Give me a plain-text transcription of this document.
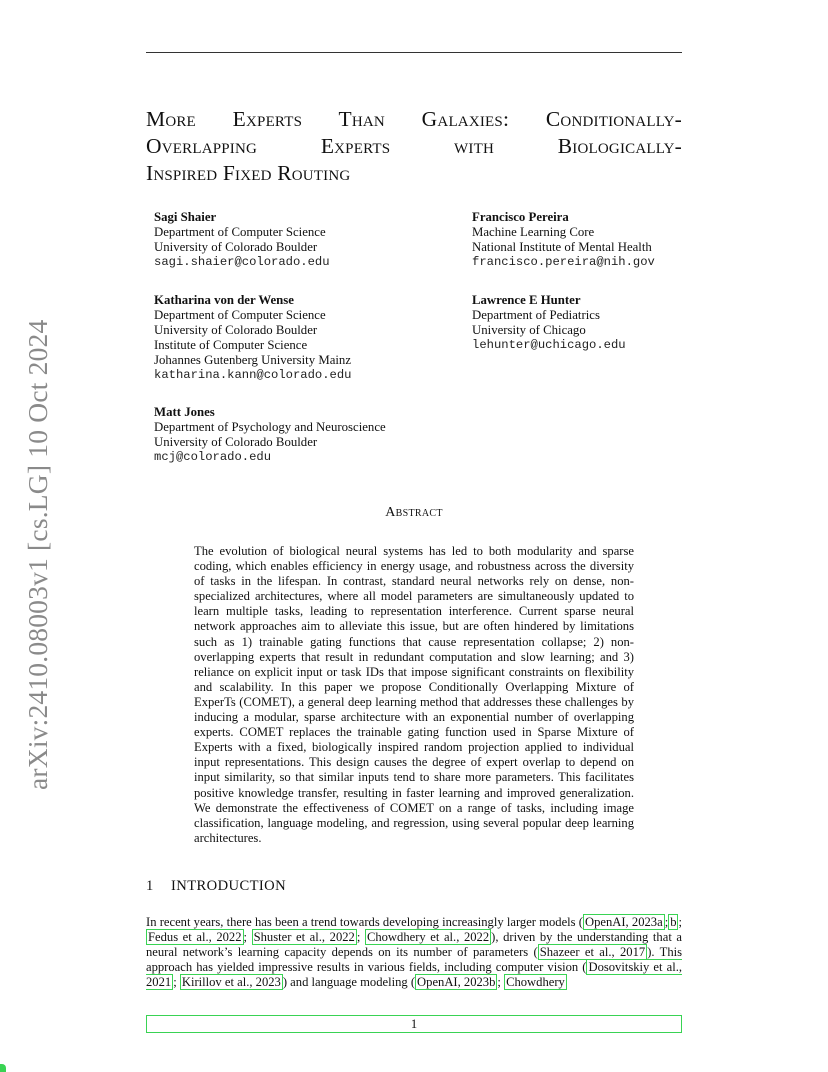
More Experts Than Galaxies: Conditionally-
Overlapping Experts with Biologically-
Inspired Fixed Routing
Sagi Shaier
Department of Computer Science
University of Colorado Boulder
sagi.shaier@colorado.edu
Francisco Pereira
Machine Learning Core
National Institute of Mental Health
francisco.pereira@nih.gov
Katharina von der Wense
Department of Computer Science
University of Colorado Boulder
Institute of Computer Science
Johannes Gutenberg University Mainz
katharina.kann@colorado.edu
Lawrence E Hunter
Department of Pediatrics
University of Chicago
lehunter@uchicago.edu
Matt Jones
Department of Psychology and Neuroscience
University of Colorado Boulder
mcj@colorado.edu
Abstract
The evolution of biological neural systems has led to both modularity and sparse coding, which enables efficiency in energy usage, and robustness across the diversity of tasks in the lifespan. In contrast, standard neural networks rely on dense, non-specialized architectures, where all model parameters are simultaneously updated to learn multiple tasks, leading to representation interference. Current sparse neural network approaches aim to alleviate this issue, but are often hindered by limitations such as 1) trainable gating functions that cause representation collapse; 2) non-overlapping experts that result in redundant computation and slow learning; and 3) reliance on explicit input or task IDs that impose significant constraints on flexibility and scalability. In this paper we propose Conditionally Overlapping Mixture of ExperTs (COMET), a general deep learning method that addresses these challenges by inducing a modular, sparse architecture with an exponential number of overlapping experts. COMET replaces the trainable gating function used in Sparse Mixture of Experts with a fixed, biologically inspired random projection applied to individual input representations. This design causes the degree of expert overlap to depend on input similarity, so that similar inputs tend to share more parameters. This facilitates positive knowledge transfer, resulting in faster learning and improved generalization. We demonstrate the effectiveness of COMET on a range of tasks, including image classification, language modeling, and regression, using several popular deep learning architectures.
1 INTRODUCTION

In recent years, there has been a trend towards developing increasingly larger models ( OpenAI, 2023a ; b ; Fedus et al., 2022 ; Shuster et al., 2022 ; Chowdhery et al., 2022 ), driven by the understanding that a neural network’s learning capacity depends on its number of parameters ( Shazeer et al., 2017 ). This approach has yielded impressive results in various fields, including computer vision ( Dosovitskiy et al., 2021 ; Kirillov et al., 2023 ) and language modeling ( OpenAI, 2023b ; Chowdhery

1
arXiv:2410.08003v1 [cs.LG] 10 Oct 2024
